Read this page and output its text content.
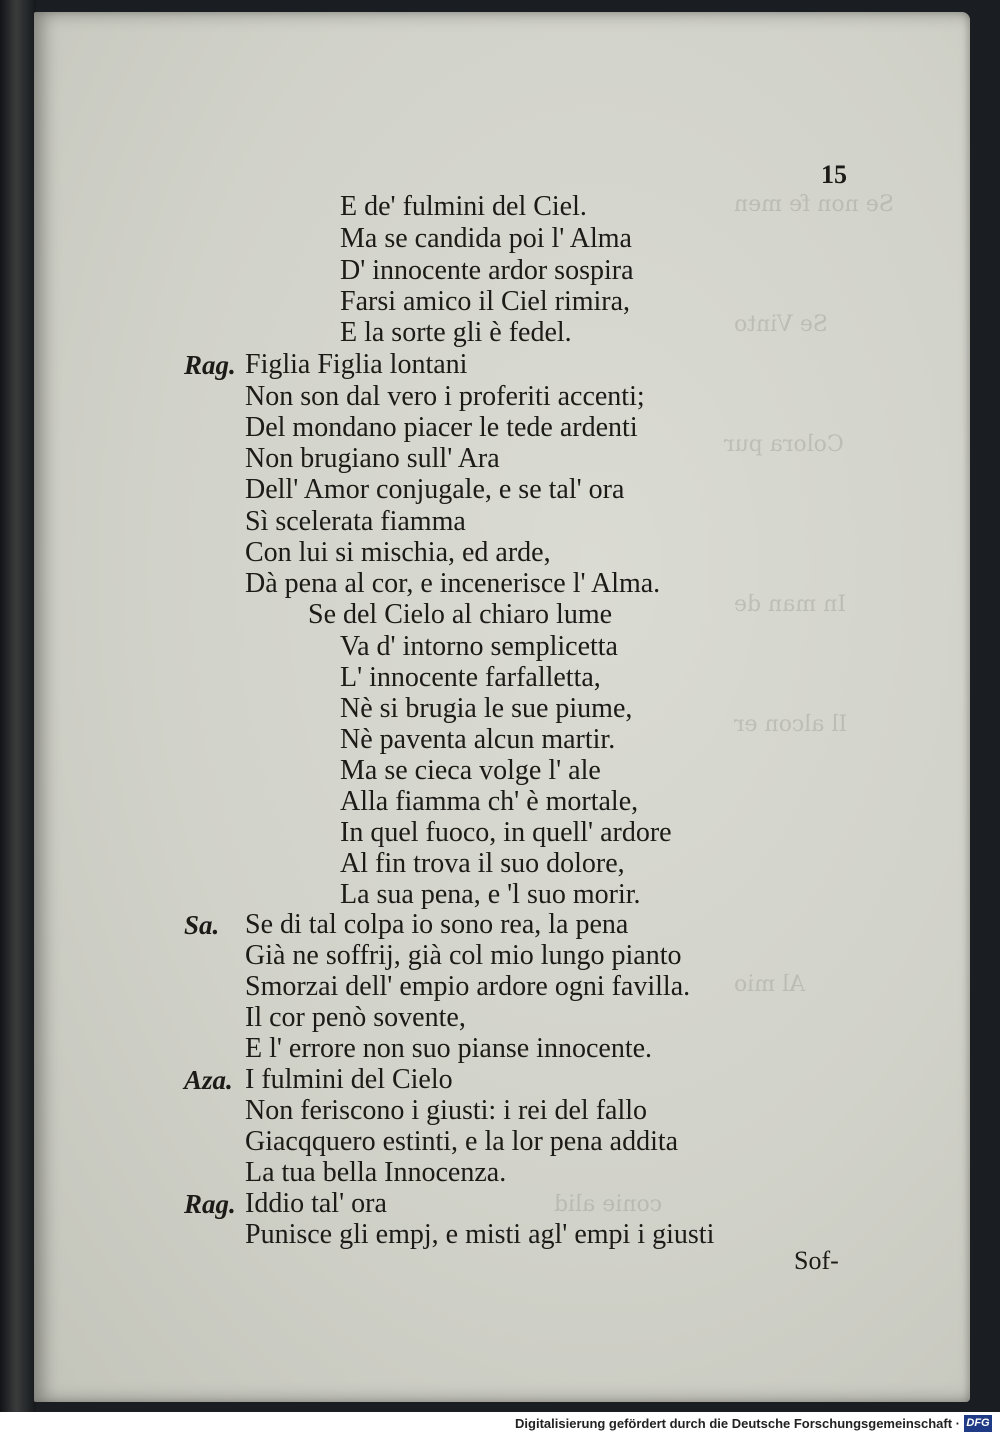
Se non fe men
Se Vinto
Colora pur
In man de
Il alcon er
Al mio
conie alid
15
E de' fulmini del Ciel.
Ma se candida poi l' Alma
D' innocente ardor sospira
Farsi amico il Ciel rimira,
E la sorte gli è fedel.
Rag. Figlia Figlia lontani
Non son dal vero i proferiti accenti;
Del mondano piacer le tede ardenti
Non brugiano sull' Ara
Dell' Amor conjugale, e se tal' ora
Sì scelerata fiamma
Con lui si mischia, ed arde,
Dà pena al cor, e incenerisce l' Alma.
Se del Cielo al chiaro lume
Va d' intorno semplicetta
L' innocente farfalletta,
Nè si brugia le sue piume,
Nè paventa alcun martir.
Ma se cieca volge l' ale
Alla fiamma ch' è mortale,
In quel fuoco, in quell' ardore
Al fin trova il suo dolore,
La sua pena, e 'l suo morir.
Sa. Se di tal colpa io sono rea, la pena
Già ne soffrij, già col mio lungo pianto
Smorzai dell' empio ardore ogni favilla.
Il cor penò sovente,
E l' errore non suo pianse innocente.
Aza. I fulmini del Cielo
Non feriscono i giusti: i rei del fallo
Giacqquero estinti, e la lor pena addita
La tua bella Innocenza.
Rag. Iddio tal' ora
Punisce gli empj, e misti agl' empi i giusti
Sof-
Digitalisierung gefördert durch die Deutsche Forschungsgemeinschaft · DFG
